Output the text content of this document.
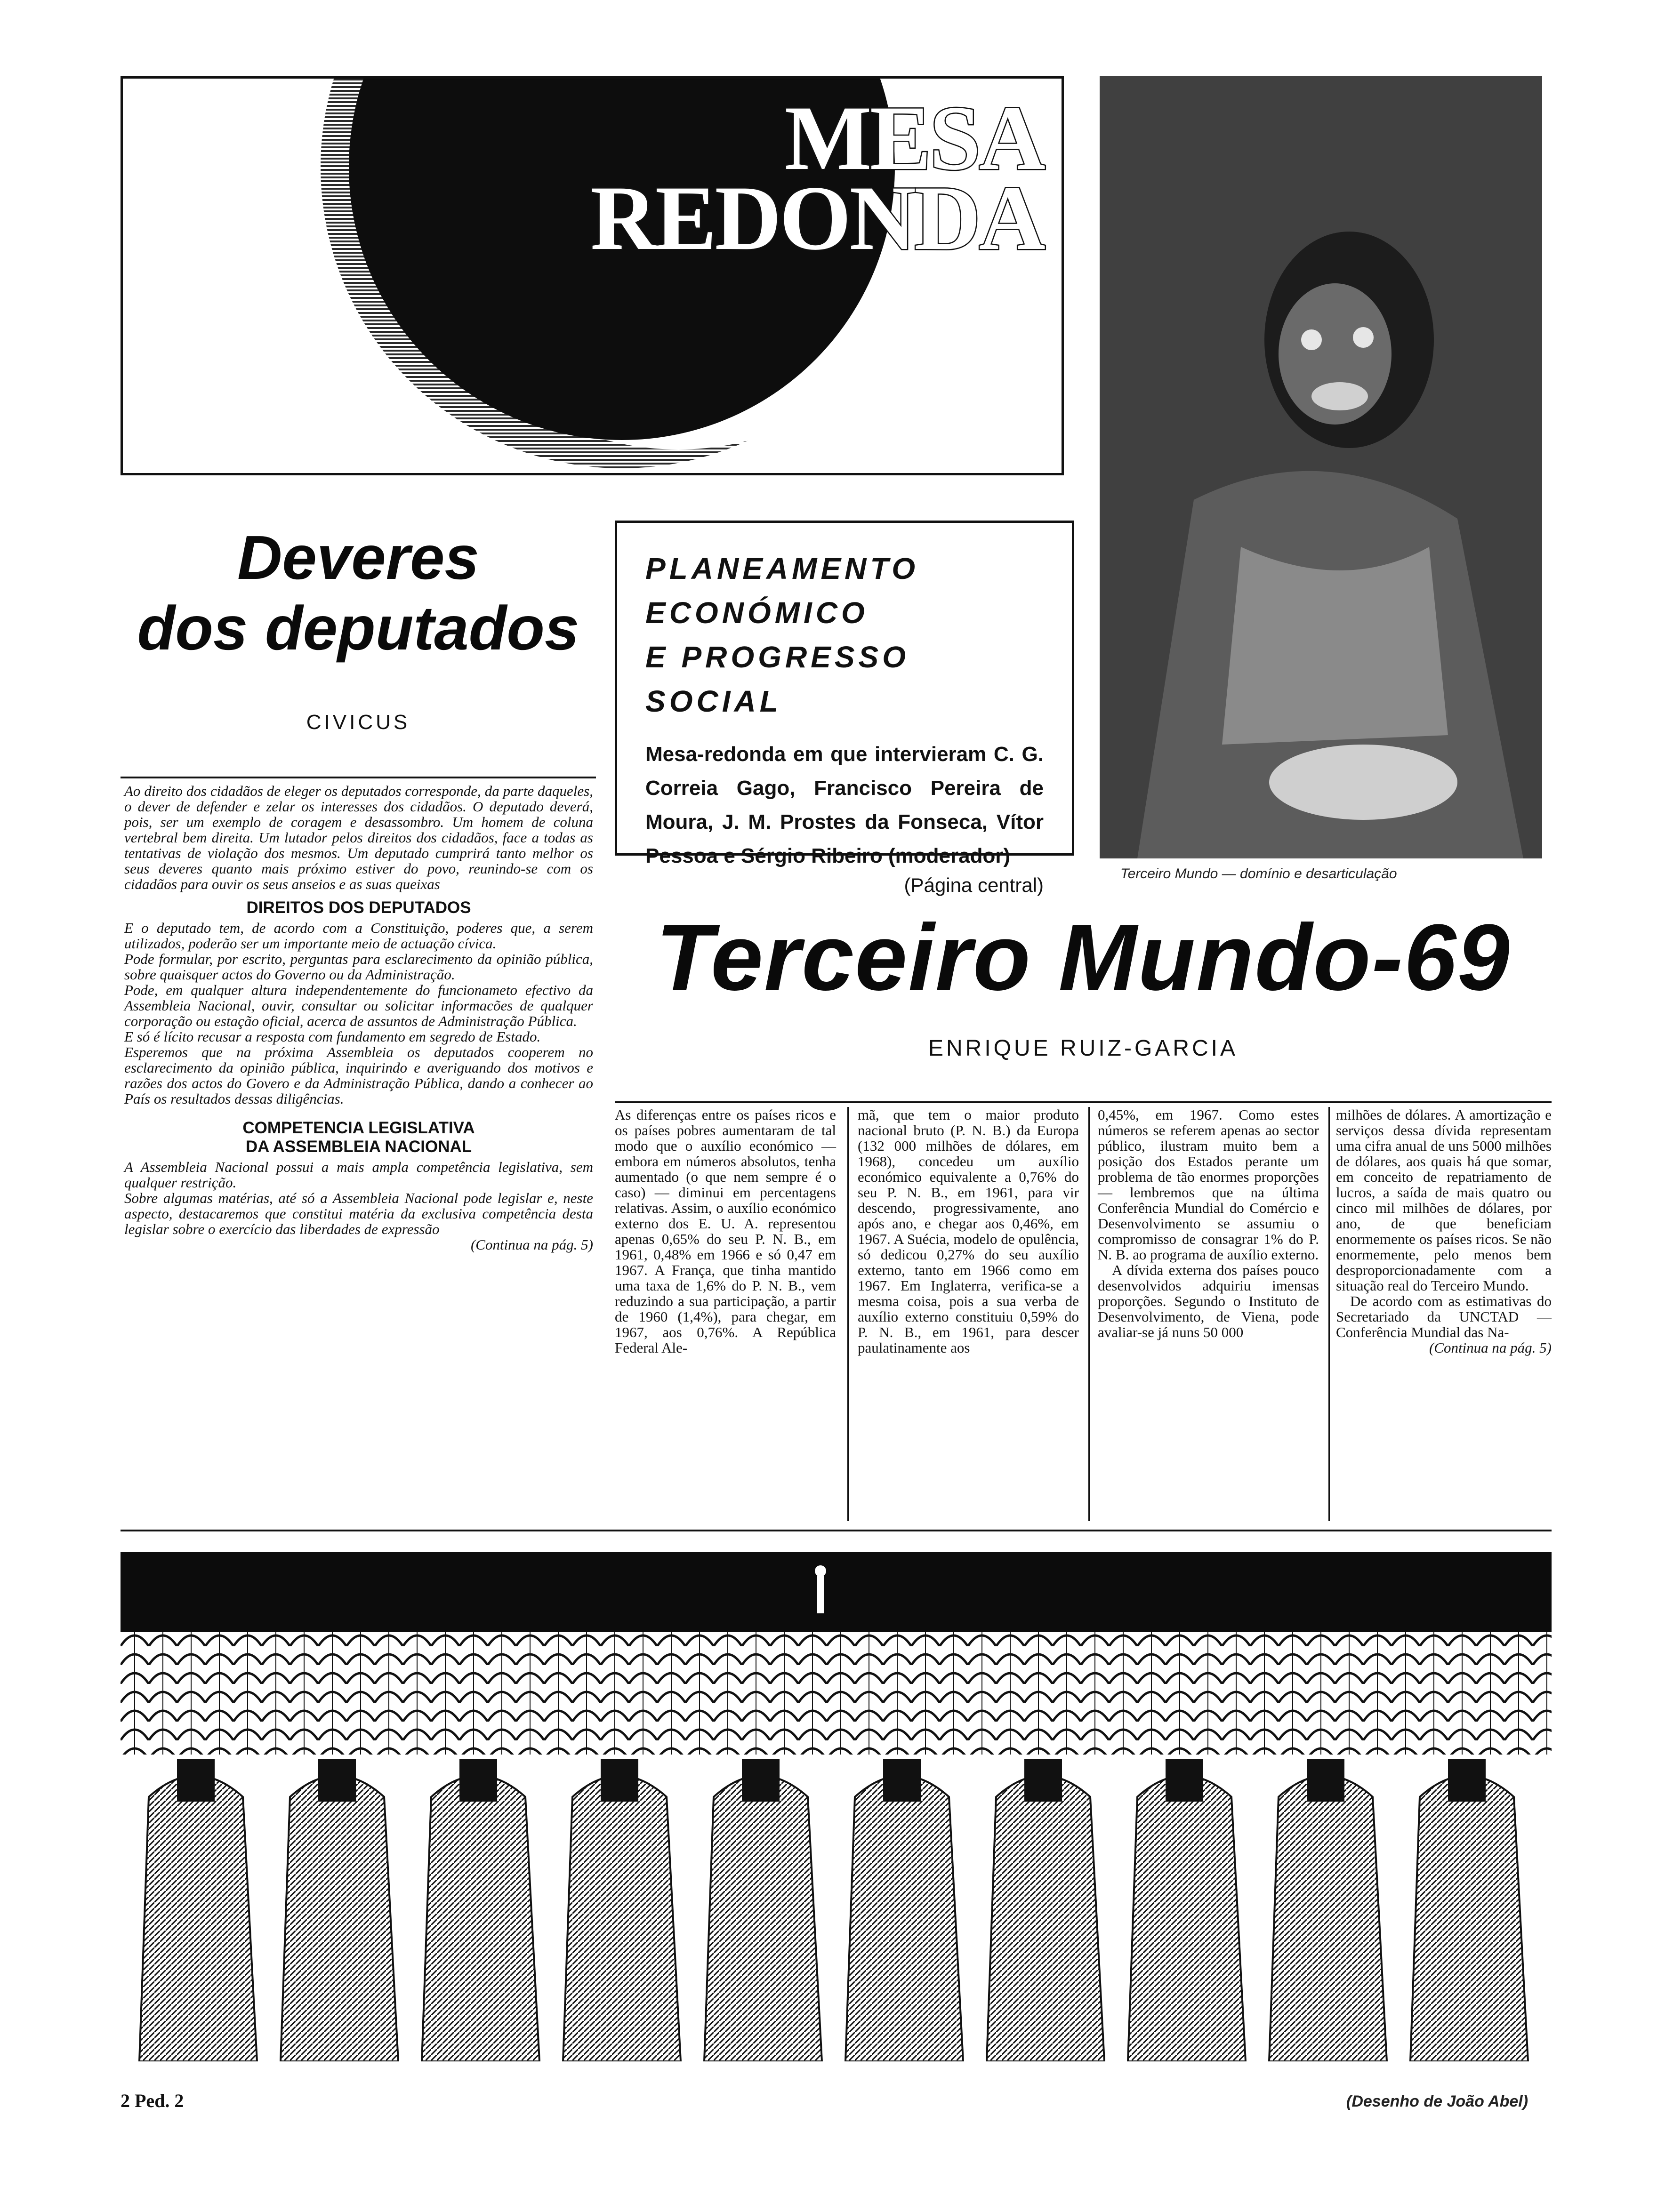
MESA
REDONDA
Terceiro Mundo — domínio e desarticulação
Deveres
dos deputados
CIVICUS

Ao direito dos cidadãos de eleger os deputados corresponde, da parte daqueles, o dever de defender e zelar os interesses dos cidadãos. O deputado deverá, pois, ser um exemplo de coragem e desassombro. Um homem de coluna vertebral bem direita. Um lutador pelos direitos dos cidadãos, face a todas as tentativas de violação dos mesmos. Um deputado cumprirá tanto melhor os seus deveres quanto mais próximo estiver do povo, reunindo-se com os cidadãos para ouvir os seus anseios e as suas queixas

DIREITOS DOS DEPUTADOS

E o deputado tem, de acordo com a Constituição, poderes que, a serem utilizados, poderão ser um importante meio de actuação cívica.

Pode formular, por escrito, perguntas para esclarecimento da opinião pública, sobre quaisquer actos do Governo ou da Administração.

Pode, em qualquer altura independentemente do funcionameto efectivo da Assembleia Nacional, ouvir, consultar ou solicitar informacões de qualquer corporação ou estação oficial, acerca de assuntos de Administração Pública.

E só é lícito recusar a resposta com fundamento em segredo de Estado.

Esperemos que na próxima Assembleia os deputados cooperem no esclarecimento da opinião pública, inquirindo e averiguando dos motivos e razões dos actos do Govero e da Administração Pública, dando a conhecer ao País os resultados dessas diligências.

COMPETENCIA LEGISLATIVA
DA ASSEMBLEIA NACIONAL

A Assembleia Nacional possui a mais ampla competência legislativa, sem qualquer restrição.

Sobre algumas matérias, até só a Assembleia Nacional pode legislar e, neste aspecto, destacaremos que constitui matéria da exclusiva competência desta legislar sobre o exercício das liberdades de expressão

(Continua na pág. 5)
PLANEAMENTO ECONÓMICO
E PROGRESSO SOCIAL
Mesa-redonda em que intervieram C. G. Correia Gago, Francisco Pereira de Moura, J. M. Prostes da Fonseca, Vítor Pessoa e Sérgio Ribeiro (moderador)
(Página central)
Terceiro Mundo-69
ENRIQUE RUIZ-GARCIA

As diferenças entre os países ricos e os países pobres aumentaram de tal modo que o auxílio económico — embora em números absolutos, tenha aumentado (o que nem sempre é o caso) — diminui em percentagens relativas. Assim, o auxílio económico externo dos E. U. A. representou apenas 0,65% do seu P. N. B., em 1961, 0,48% em 1966 e só 0,47 em 1967. A França, que tinha mantido uma taxa de 1,6% do P. N. B., vem reduzindo a sua participação, a partir de 1960 (1,4%), para chegar, em 1967, aos 0,76%. A República Federal Ale-

mã, que tem o maior produto nacional bruto (P. N. B.) da Europa (132 000 milhões de dólares, em 1968), concedeu um auxílio económico equivalente a 0,76% do seu P. N. B., em 1961, para vir descendo, progressivamente, ano após ano, e chegar aos 0,46%, em 1967. A Suécia, modelo de opulência, só dedicou 0,27% do seu auxílio externo, tanto em 1966 como em 1967. Em Inglaterra, verifica-se a mesma coisa, pois a sua verba de auxílio externo constituiu 0,59% do P. N. B., em 1961, para descer paulatinamente aos

0,45%, em 1967. Como estes números se referem apenas ao sector público, ilustram muito bem a posição dos Estados perante um problema de tão enormes proporções — lembremos que na última Conferência Mundial do Comércio e Desenvolvimento se assumiu o compromisso de consagrar 1% do P. N. B. ao programa de auxílio externo.

A dívida externa dos países pouco desenvolvidos adquiriu imensas proporções. Segundo o Instituto de Desenvolvimento, de Viena, pode avaliar-se já nuns 50 000

milhões de dólares. A amortização e serviços dessa dívida representam uma cifra anual de uns 5000 milhões de dólares, aos quais há que somar, em conceito de repatriamento de lucros, a saída de mais quatro ou cinco mil milhões de dólares, por ano, de que beneficiam enormemente os países ricos. Se não enormemente, pelo menos bem desproporcionadamente com a situação real do Terceiro Mundo.

De acordo com as estimativas do Secretariado da UNCTAD — Conferência Mundial das Na-

(Continua na pág. 5)
2 Ped. 2	(Desenho de João Abel)
